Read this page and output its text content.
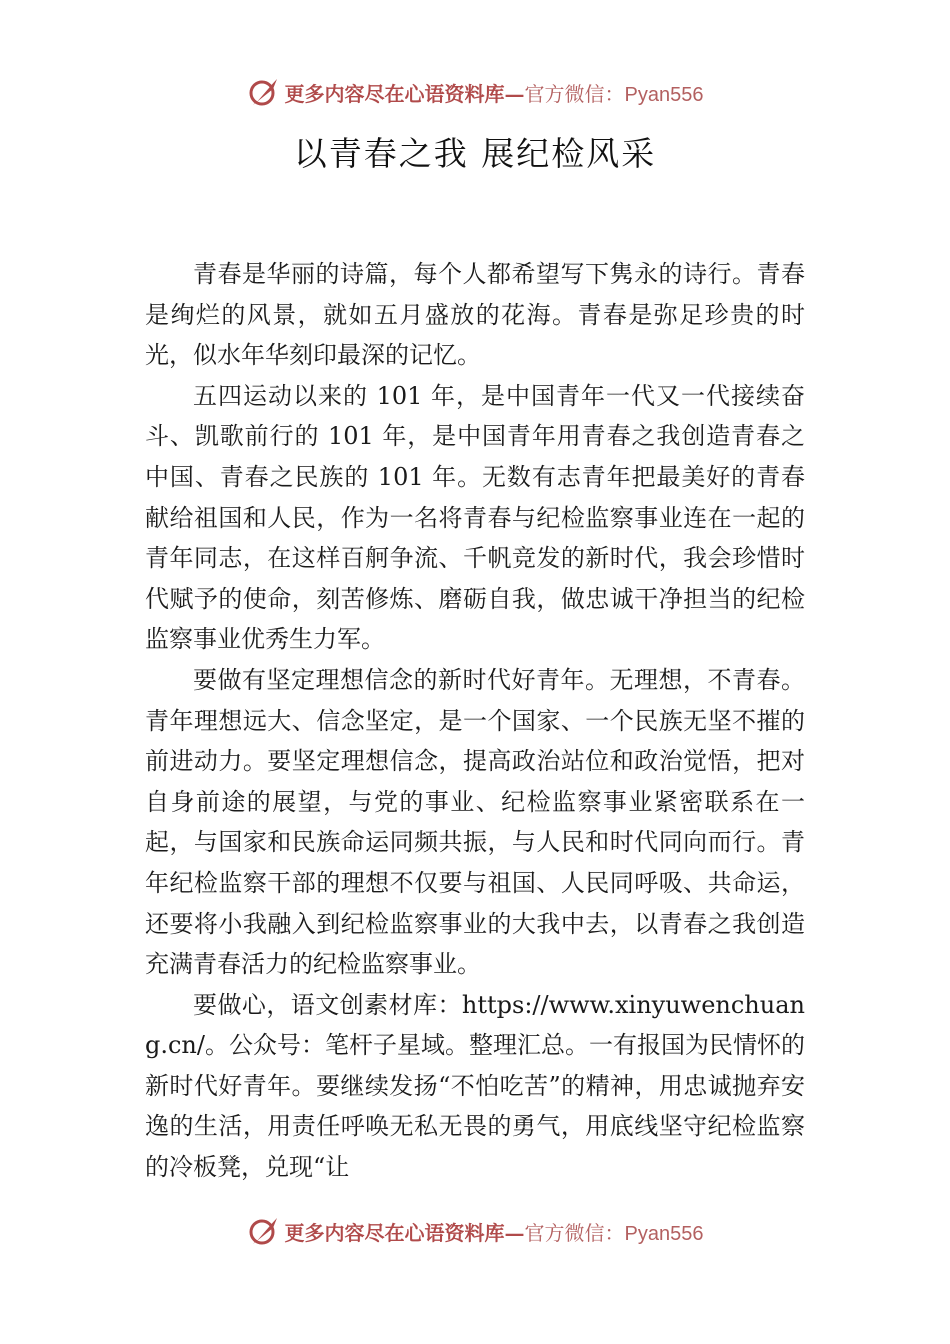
更多内容尽在心语资料库—官方微信：Pyan556
以青春之我 展纪检风采

青春是华丽的诗篇，每个人都希望写下隽永的诗行。青春是绚烂的风景，就如五月盛放的花海。青春是弥足珍贵的时光，似水年华刻印最深的记忆。

五四运动以来的 101 年，是中国青年一代又一代接续奋斗、凯歌前行的 101 年，是中国青年用青春之我创造青春之中国、青春之民族的 101 年。无数有志青年把最美好的青春献给祖国和人民，作为一名将青春与纪检监察事业连在一起的青年同志，在这样百舸争流、千帆竞发的新时代，我会珍惜时代赋予的使命，刻苦修炼、磨砺自我，做忠诚干净担当的纪检监察事业优秀生力军。

要做有坚定理想信念的新时代好青年。无理想，不青春。青年理想远大、信念坚定，是一个国家、一个民族无坚不摧的前进动力。要坚定理想信念，提高政治站位和政治觉悟，把对自身前途的展望，与党的事业、纪检监察事业紧密联系在一起，与国家和民族命运同频共振，与人民和时代同向而行。青年纪检监察干部的理想不仅要与祖国、人民同呼吸、共命运，还要将小我融入到纪检监察事业的大我中去，以青春之我创造充满青春活力的纪检监察事业。

要做心，语文创素材库：https://www.xinyuwenchuang.cn/。公众号：笔杆子星域。整理汇总。一有报国为民情怀的新时代好青年。要继续发扬“不怕吃苦”的精神，用忠诚抛弃安逸的生活，用责任呼唤无私无畏的勇气，用底线坚守纪检监察的冷板凳，兑现“让

更多内容尽在心语资料库—官方微信：Pyan556
